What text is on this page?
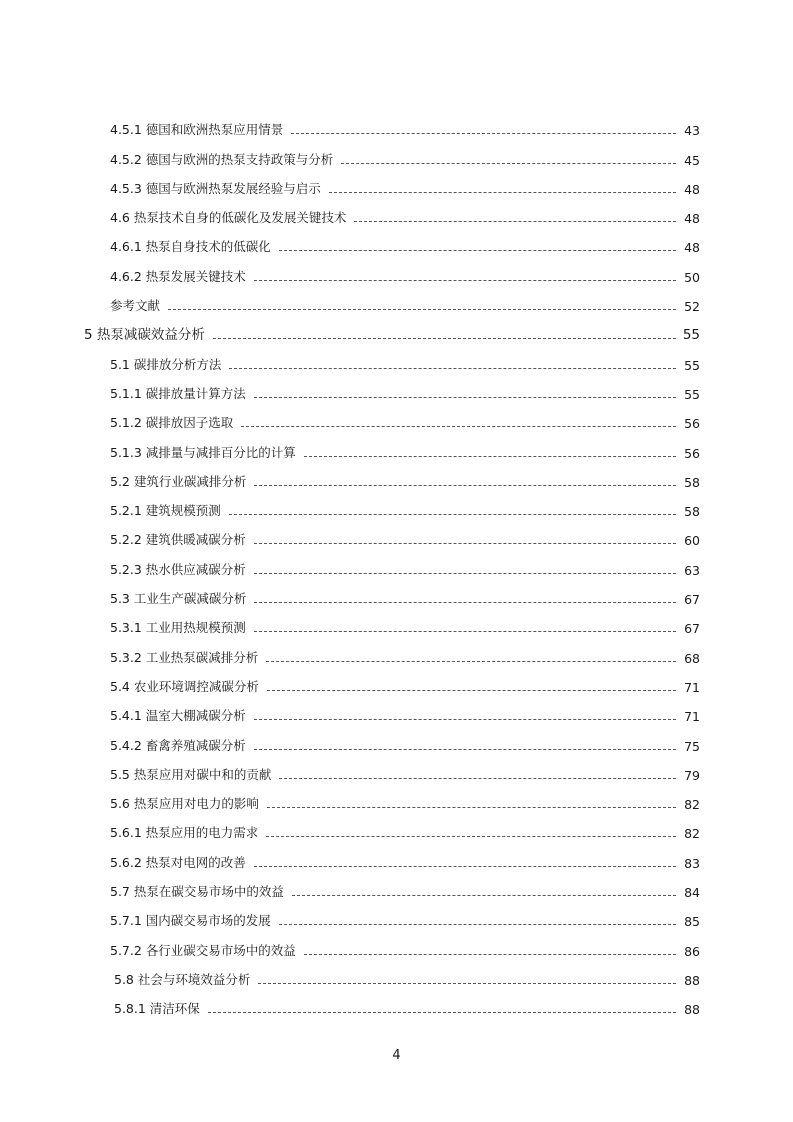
4.5.1 德国和欧洲热泵应用情景	43
4.5.2 德国与欧洲的热泵支持政策与分析	45
4.5.3 德国与欧洲热泵发展经验与启示	48
4.6 热泵技术自身的低碳化及发展关键技术	48
4.6.1 热泵自身技术的低碳化	48
4.6.2 热泵发展关键技术	50
参考文献	52
5 热泵减碳效益分析	55
5.1 碳排放分析方法	55
5.1.1 碳排放量计算方法	55
5.1.2 碳排放因子选取	56
5.1.3 减排量与减排百分比的计算	56
5.2 建筑行业碳减排分析	58
5.2.1 建筑规模预测	58
5.2.2 建筑供暖减碳分析	60
5.2.3 热水供应减碳分析	63
5.3 工业生产碳减碳分析	67
5.3.1 工业用热规模预测	67
5.3.2 工业热泵碳减排分析	68
5.4 农业环境调控减碳分析	71
5.4.1 温室大棚减碳分析	71
5.4.2 畜禽养殖减碳分析	75
5.5 热泵应用对碳中和的贡献	79
5.6 热泵应用对电力的影响	82
5.6.1 热泵应用的电力需求	82
5.6.2 热泵对电网的改善	83
5.7 热泵在碳交易市场中的效益	84
5.7.1 国内碳交易市场的发展	85
5.7.2 各行业碳交易市场中的效益	86
5.8 社会与环境效益分析	88
5.8.1 清洁环保	88
4
